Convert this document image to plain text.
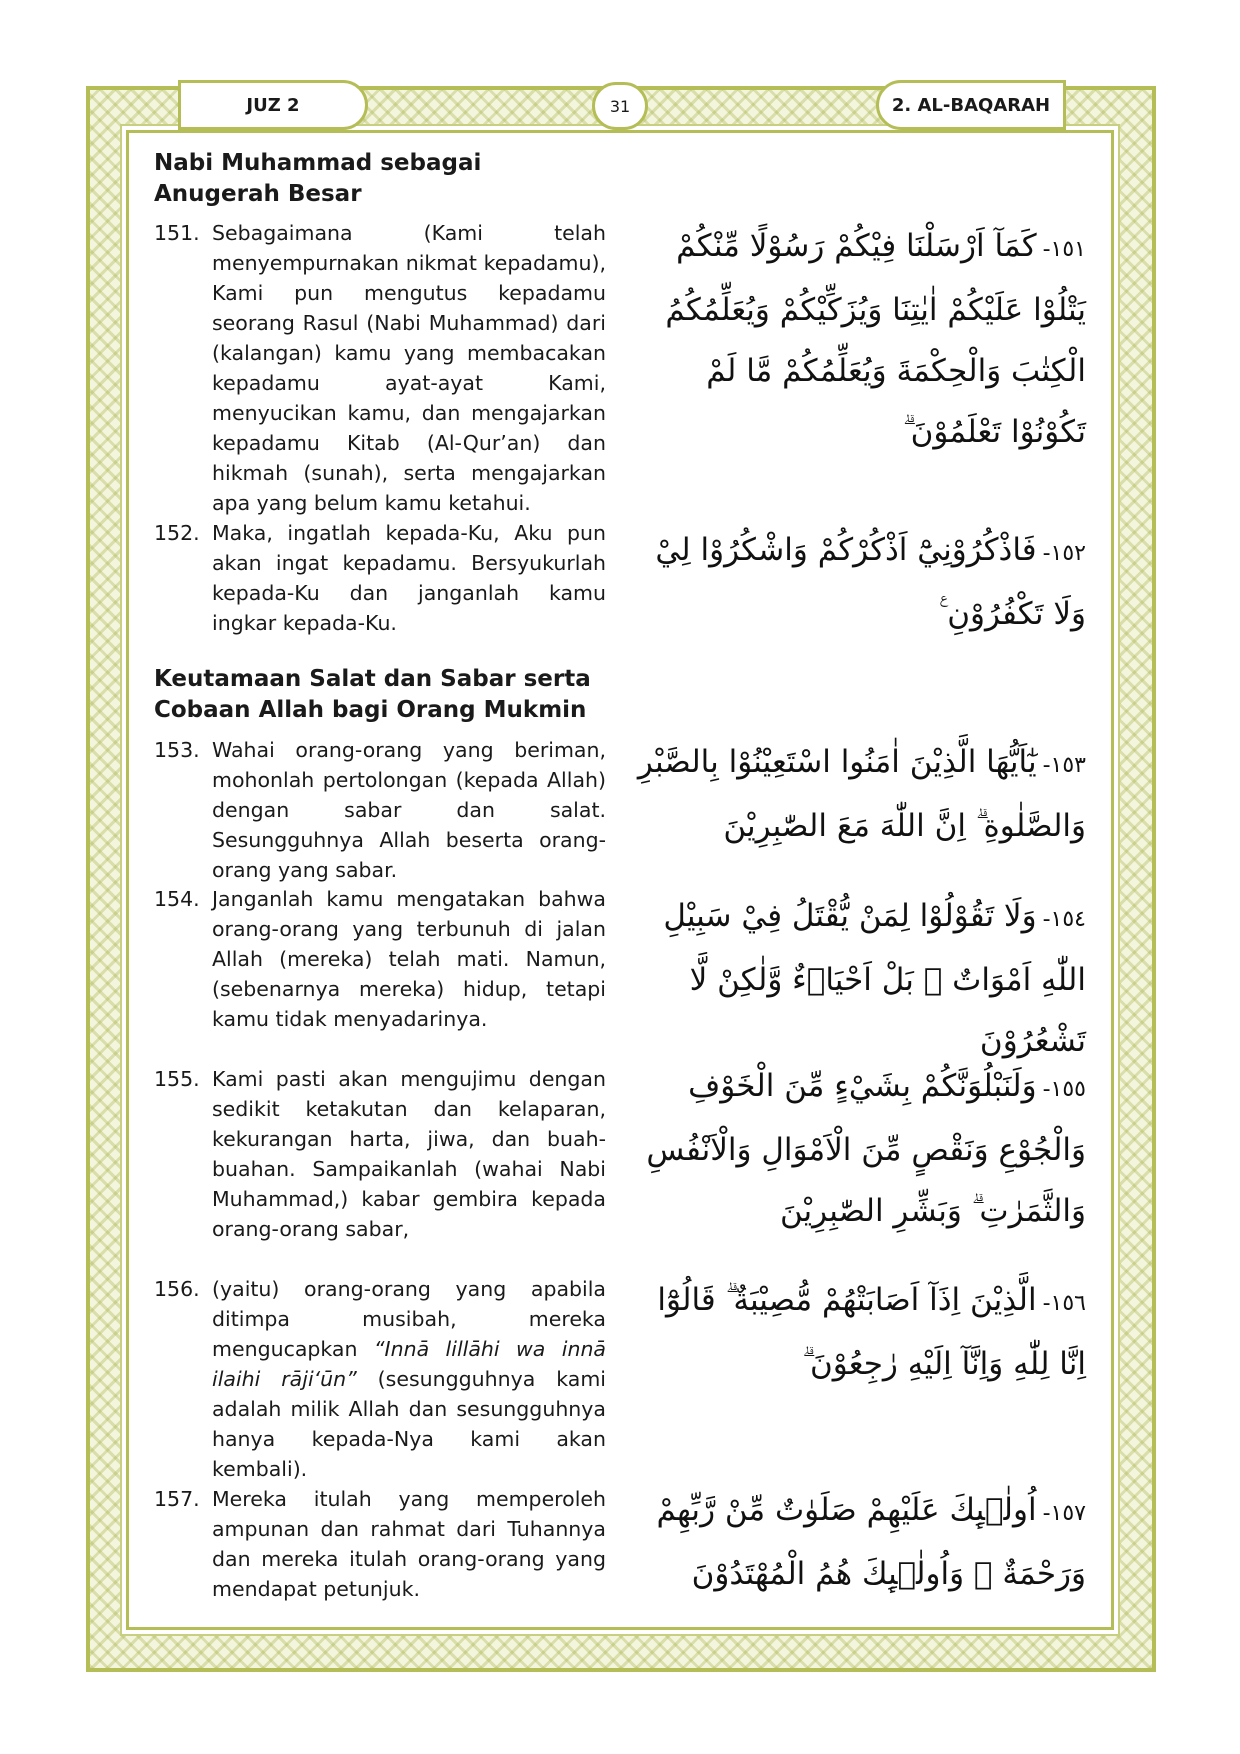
JUZ 2	31	2. AL-BAQARAH
Nabi Muhammad sebagai Anugerah Besar
151. Sebagaimana (Kami telah menyempurnakan nikmat kepadamu), Kami pun mengutus kepadamu seorang Rasul (Nabi Muhammad) dari (kalangan) kamu yang membacakan kepadamu ayat-ayat Kami, menyucikan kamu, dan mengajarkan kepadamu Kitab (Al-Qur’an) dan hikmah (sunah), serta mengajarkan apa yang belum kamu ketahui.
١٥١-كَمَآ اَرْسَلْنَا فِيْكُمْ رَسُوْلًا مِّنْكُمْ يَتْلُوْا عَلَيْكُمْ اٰيٰتِنَا وَيُزَكِّيْكُمْ وَيُعَلِّمُكُمُ الْكِتٰبَ وَالْحِكْمَةَ وَيُعَلِّمُكُمْ مَّا لَمْ تَكُوْنُوْا تَعْلَمُوْنَ ۗ
152. Maka, ingatlah kepada-Ku, Aku pun akan ingat kepadamu. Bersyukurlah kepada-Ku dan janganlah kamu ingkar kepada-Ku.
١٥٢-فَاذْكُرُوْنِيْٓ اَذْكُرْكُمْ وَاشْكُرُوْا لِيْ وَلَا تَكْفُرُوْنِ ࣖ
Keutamaan Salat dan Sabar serta Cobaan Allah bagi Orang Mukmin
153. Wahai orang-orang yang beriman, mohonlah pertolongan (kepada Allah) dengan sabar dan salat. Sesungguhnya Allah beserta orang-orang yang sabar.
١٥٣-يٰٓاَيُّهَا الَّذِيْنَ اٰمَنُوا اسْتَعِيْنُوْا بِالصَّبْرِ وَالصَّلٰوةِ ۗ اِنَّ اللّٰهَ مَعَ الصّٰبِرِيْنَ
154. Janganlah kamu mengatakan bahwa orang-orang yang terbunuh di jalan Allah (mereka) telah mati. Namun, (sebenarnya mereka) hidup, tetapi kamu tidak menyadarinya.
١٥٤-وَلَا تَقُوْلُوْا لِمَنْ يُّقْتَلُ فِيْ سَبِيْلِ اللّٰهِ اَمْوَاتٌ ۗ بَلْ اَحْيَاۤءٌ وَّلٰكِنْ لَّا تَشْعُرُوْنَ
155. Kami pasti akan mengujimu dengan sedikit ketakutan dan kelaparan, kekurangan harta, jiwa, dan buah-buahan. Sampaikanlah (wahai Nabi Muhammad,) kabar gembira kepada orang-orang sabar,
١٥٥-وَلَنَبْلُوَنَّكُمْ بِشَيْءٍ مِّنَ الْخَوْفِ وَالْجُوْعِ وَنَقْصٍ مِّنَ الْاَمْوَالِ وَالْاَنْفُسِ وَالثَّمَرٰتِ ۗ وَبَشِّرِ الصّٰبِرِيْنَ
156. (yaitu) orang-orang yang apabila ditimpa musibah, mereka mengucapkan “Innā lillāhi wa innā ilaihi rāji‘ūn” (sesungguhnya kami adalah milik Allah dan sesungguhnya hanya kepada-Nya kami akan kembali).
١٥٦-الَّذِيْنَ اِذَآ اَصَابَتْهُمْ مُّصِيْبَةٌ ۗ قَالُوْٓا اِنَّا لِلّٰهِ وَاِنَّآ اِلَيْهِ رٰجِعُوْنَ ۗ
157. Mereka itulah yang memperoleh ampunan dan rahmat dari Tuhannya dan mereka itulah orang-orang yang mendapat petunjuk.
١٥٧-اُولٰۤىِٕكَ عَلَيْهِمْ صَلَوٰتٌ مِّنْ رَّبِّهِمْ وَرَحْمَةٌ ۗ وَاُولٰۤىِٕكَ هُمُ الْمُهْتَدُوْنَ
